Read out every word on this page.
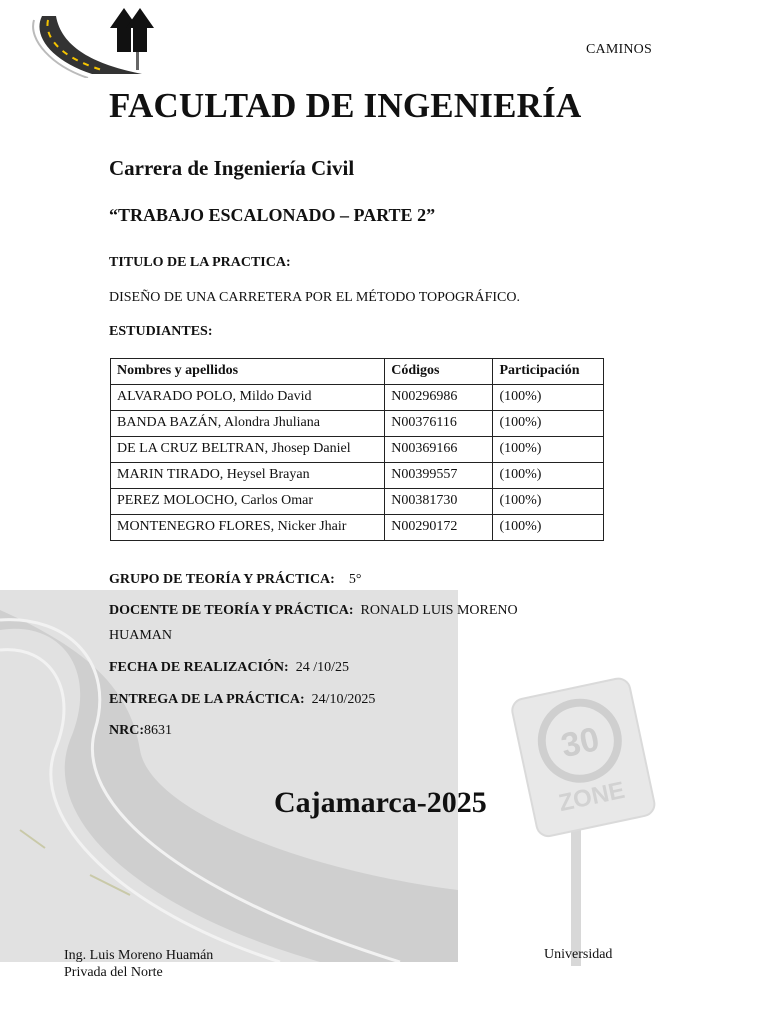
30
ZONE
CAMINOS
FACULTAD DE INGENIERÍA
Carrera de Ingeniería Civil
“TRABAJO ESCALONADO – PARTE 2”
TITULO DE LA PRACTICA:
DISEÑO DE UNA CARRETERA POR EL MÉTODO TOPOGRÁFICO.
ESTUDIANTES:
Nombres y apellidos	Códigos	Participación
ALVARADO POLO, Mildo David	N00296986	(100%)
BANDA BAZÁN, Alondra Jhuliana	N00376116	(100%)
DE LA CRUZ BELTRAN, Jhosep Daniel	N00369166	(100%)
MARIN TIRADO, Heysel Brayan	N00399557	(100%)
PEREZ MOLOCHO, Carlos Omar	N00381730	(100%)
MONTENEGRO FLORES, Nicker Jhair	N00290172	(100%)
GRUPO DE TEORÍA Y PRÁCTICA: 5°
DOCENTE DE TEORÍA Y PRÁCTICA: RONALD LUIS MORENO
HUAMAN
FECHA DE REALIZACIÓN: 24 /10/25
ENTREGA DE LA PRÁCTICA: 24/10/2025
NRC:8631
Cajamarca-2025
Ing. Luis Moreno Huamán
Privada del Norte
Universidad
